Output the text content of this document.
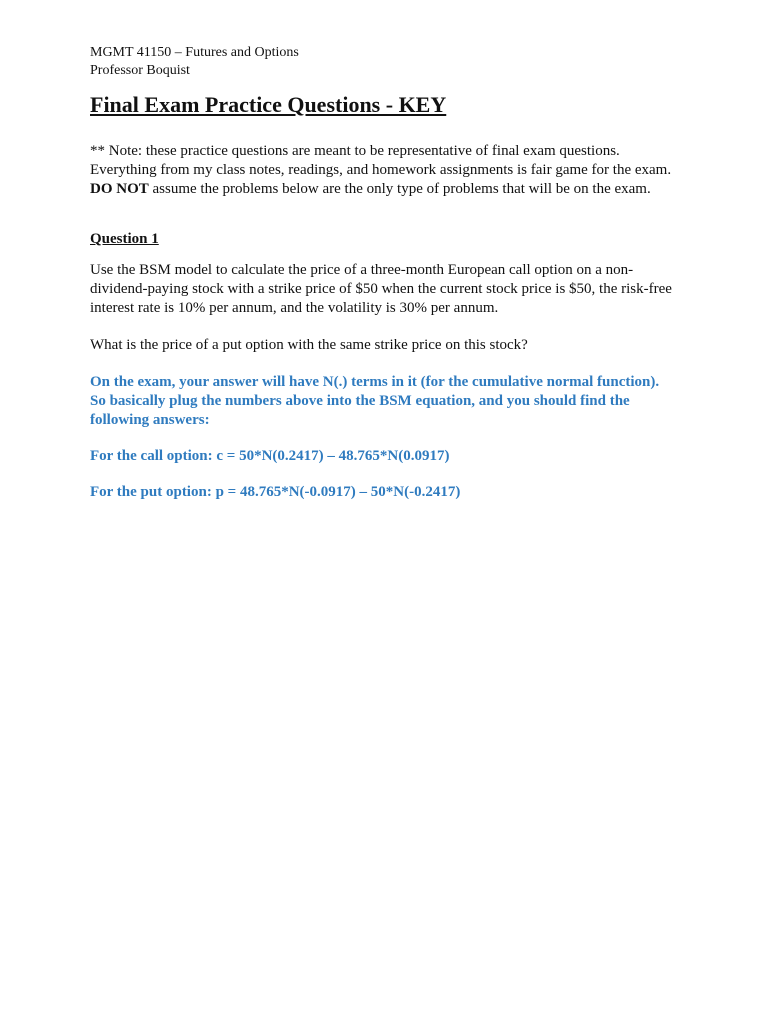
MGMT 41150 – Futures and Options

Professor Boquist

Final Exam Practice Questions - KEY

** Note: these practice questions are meant to be representative of final exam questions.

Everything from my class notes, readings, and homework assignments is fair game for the exam.

DO NOT assume the problems below are the only type of problems that will be on the exam.

Question 1

Use the BSM model to calculate the price of a three-month European call option on a non-

dividend-paying stock with a strike price of $50 when the current stock price is $50, the risk-free

interest rate is 10% per annum, and the volatility is 30% per annum.

What is the price of a put option with the same strike price on this stock?

On the exam, your answer will have N(.) terms in it (for the cumulative normal function).

So basically plug the numbers above into the BSM equation, and you should find the

following answers:

For the call option: c = 50*N(0.2417) – 48.765*N(0.0917)

For the put option: p = 48.765*N(-0.0917) – 50*N(-0.2417)
